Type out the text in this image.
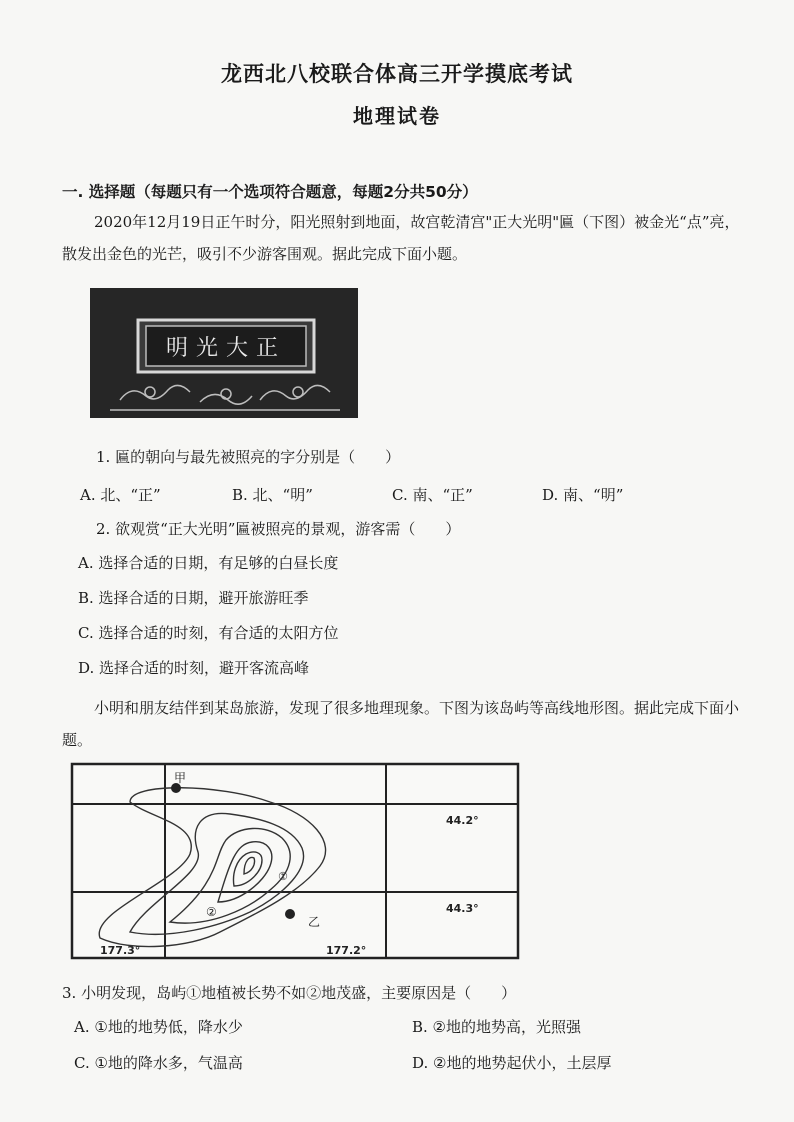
龙西北八校联合体高三开学摸底考试
地理试卷
一. 选择题（每题只有一个选项符合题意，每题2分共50分）
2020年12月19日正午时分，阳光照射到地面，故宫乾清宫"正大光明"匾（下图）被金光“点”亮，散发出金色的光芒，吸引不少游客围观。据此完成下面小题。
明光大正
1. 匾的朝向与最先被照亮的字分别是（　　）
A. 北、“正”	B. 北、“明”	C. 南、“正”	D. 南、“明”
2. 欲观赏“正大光明”匾被照亮的景观，游客需（　　）
A. 选择合适的日期，有足够的白昼长度
B. 选择合适的日期，避开旅游旺季
C. 选择合适的时刻，有合适的太阳方位
D. 选择合适的时刻，避开客流高峰
小明和朋友结伴到某岛旅游，发现了很多地理现象。下图为该岛屿等高线地形图。据此完成下面小题。
甲
乙
①
②
44.2°
44.3°
177.3°	177.2°
3. 小明发现，岛屿①地植被长势不如②地茂盛，主要原因是（　　）
A. ①地的地势低，降水少	B. ②地的地势高，光照强
C. ①地的降水多，气温高	D. ②地的地势起伏小，土层厚
